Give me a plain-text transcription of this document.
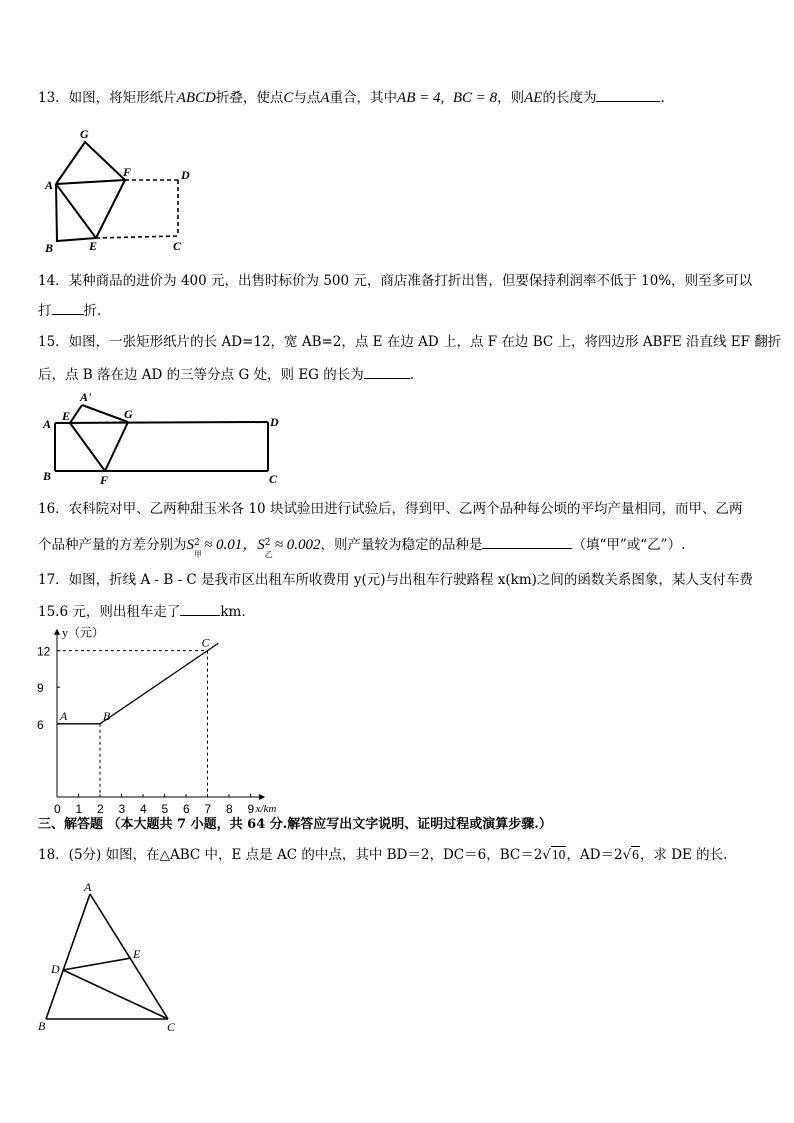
13．如图，将矩形纸片ABCD折叠，使点C与点A重合，其中AB = 4, BC = 8，则AE的长度为	.
G
A
F	D
B	E	C
14．某种商品的进价为 400 元，出售时标价为 500 元，商店准备打折出售，但要保持利润率不低于 10%，则至多可以
打 折．
15．如图，一张矩形纸片的长 AD=12，宽 AB=2，点 E 在边 AD 上，点 F 在边 BC 上，将四边形 ABFE 沿直线 EF 翻折
后，点 B 落在边 AD 的三等分点 G 处，则 EG 的长为	.
A'
E	G
A	D
B	F	C
16．农科院对甲、乙两种甜玉米各 10 块试验田进行试验后，得到甲、乙两个品种每公顷的平均产量相同，而甲、乙两
个品种产量的方差分别为S 2
甲
≈ 0.01，S 2
乙
≈ 0.002，则产量较为稳定的品种是	（填“甲”或“乙”）.
17．如图，折线 A - B - C 是我市区出租车所收费用 y(元)与出租车行驶路程 x(km)之间的函数关系图象，某人支付车费
15.6 元，则出租车走了	km．
0 1 2 3 4 5 6 7 8 9 x/km
6
9
12
y（元）
A	B
C
三、解答题 （本大题共 7 小题，共 64 分.解答应写出文字说明、证明过程或演算步骤.）
18．(5分) 如图，在△ABC 中，E 点是 AC 的中点，其中 BD＝2，DC＝6，BC＝2√10，AD＝2√6，求 DE 的长.
A
E
D
B	C
